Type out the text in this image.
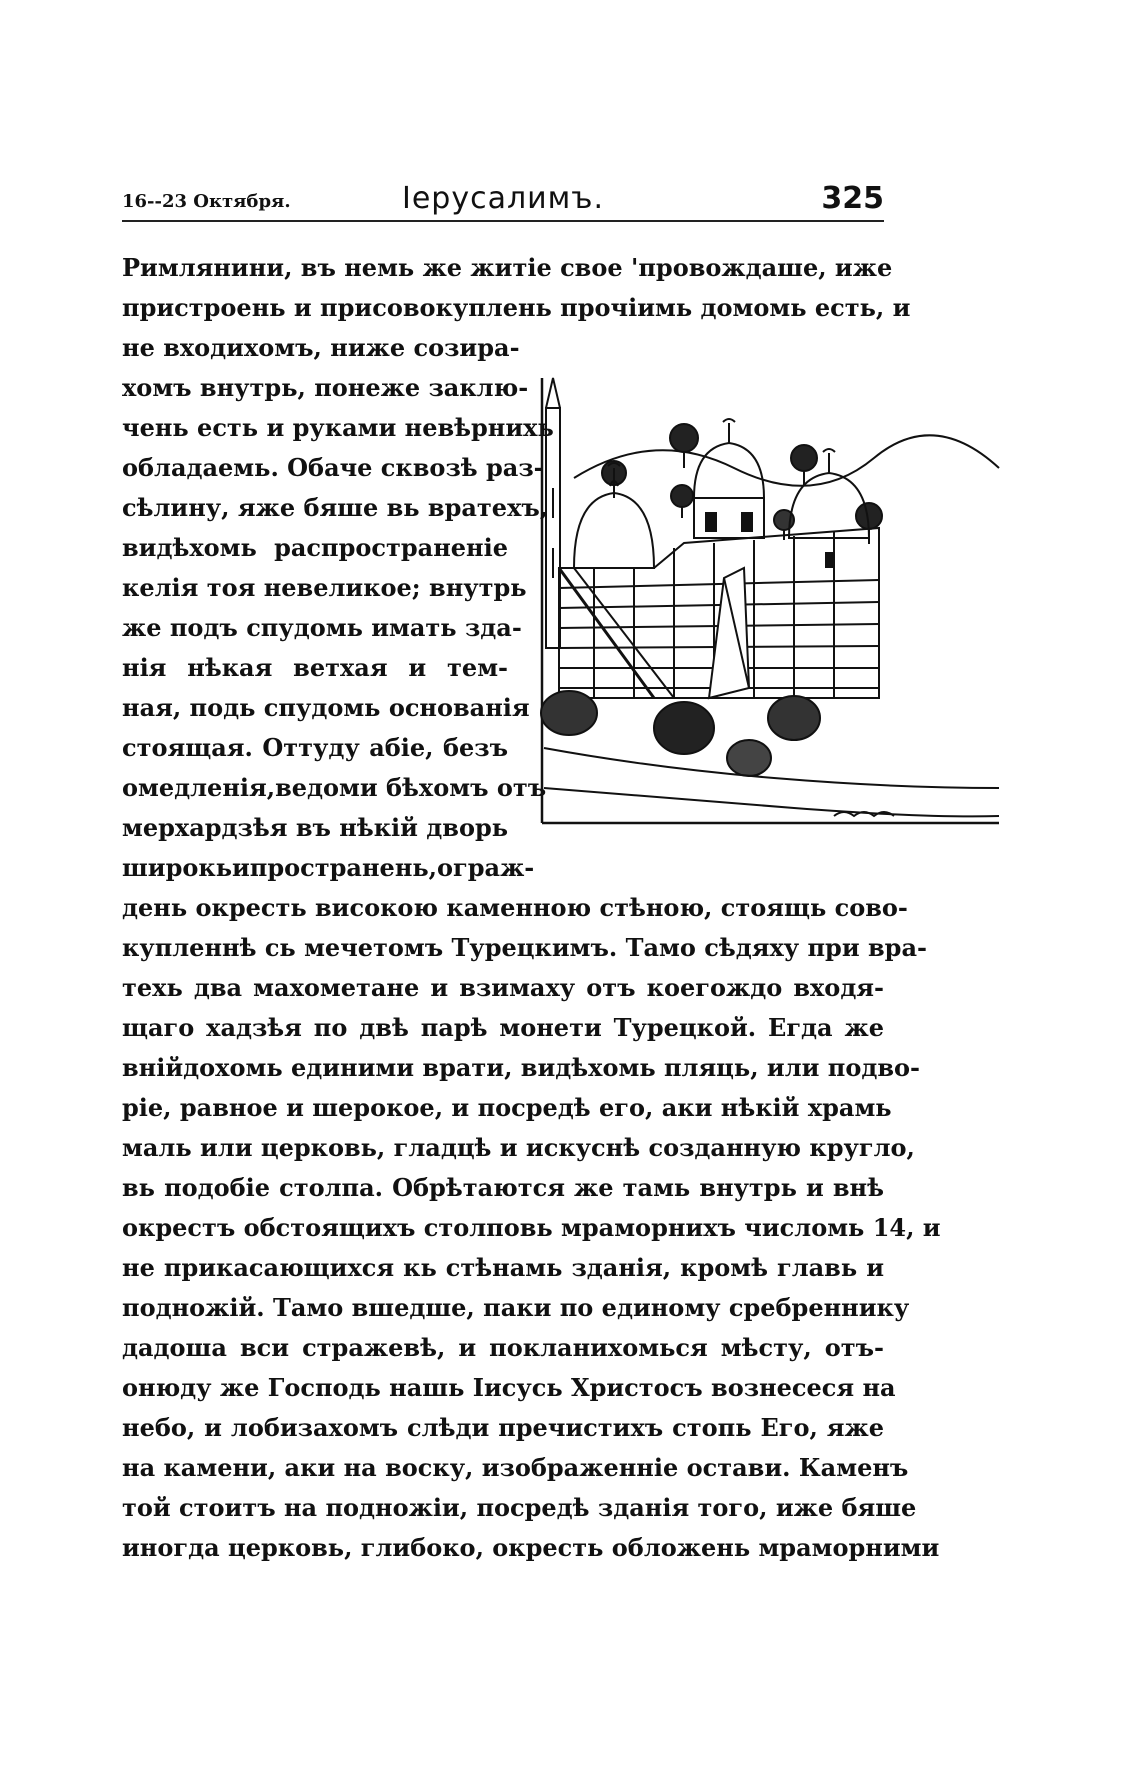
16--23 Октября.	Іерусалимъ.	325
Римлянини, въ немь же житіе свое 'провождаше, иже
пристроень и присовокуплень прочіимь домомь есть, и
не входихомъ, ниже созира-
хомъ внутрь, понеже заклю-
чень есть и руками невѣрнихь
обладаемь. Обаче сквозѣ раз-
сѣлину, яже бяше вь вратехъ,
видѣхомь распространеніе
келія тоя невеликое; внутрь
же подъ спудомь имать зда-
нія нѣкая ветхая и тем-
ная, подь спудомь основанія
стоящая. Оттуду абіе, безъ
омедленія,ведоми бѣхомъ отъ
мерхардзѣя въ нѣкій дворь
широкьипространень,ограж-
день окресть високою каменною стѣною, стоящь сово-
купленнѣ сь мечетомъ Турецкимъ. Тамо сѣдяху при вра-
техь два махометане и взимаху отъ коегождо входя-
щаго хадзѣя по двѣ парѣ монети Турецкой. Егда же
внійдохомь единими врати, видѣхомь пляць, или подво-
ріе, равное и шерокое, и посредѣ его, аки нѣкій храмь
маль или церковь, гладцѣ и искуснѣ созданную кругло,
вь подобіе столпа. Обрѣтаются же тамь внутрь и внѣ
окрестъ обстоящихъ столповь мраморнихъ числомь 14, и
не прикасающихся кь стѣнамь зданія, кромѣ главь и
подножій. Тамо вшедше, паки по единому сребреннику
дадоша вси стражевѣ, и покланихомься мѣсту, отъ-
онюду же Господь нашь Іисусь Христосъ вознесеся на
небо, и лобизахомъ слѣди пречистихъ стопь Его, яже
на камени, аки на воску, изображенніе остави. Каменъ
той стоитъ на подножіи, посредѣ зданія того, иже бяше
иногда церковь, глибоко, окресть обложень мраморними
